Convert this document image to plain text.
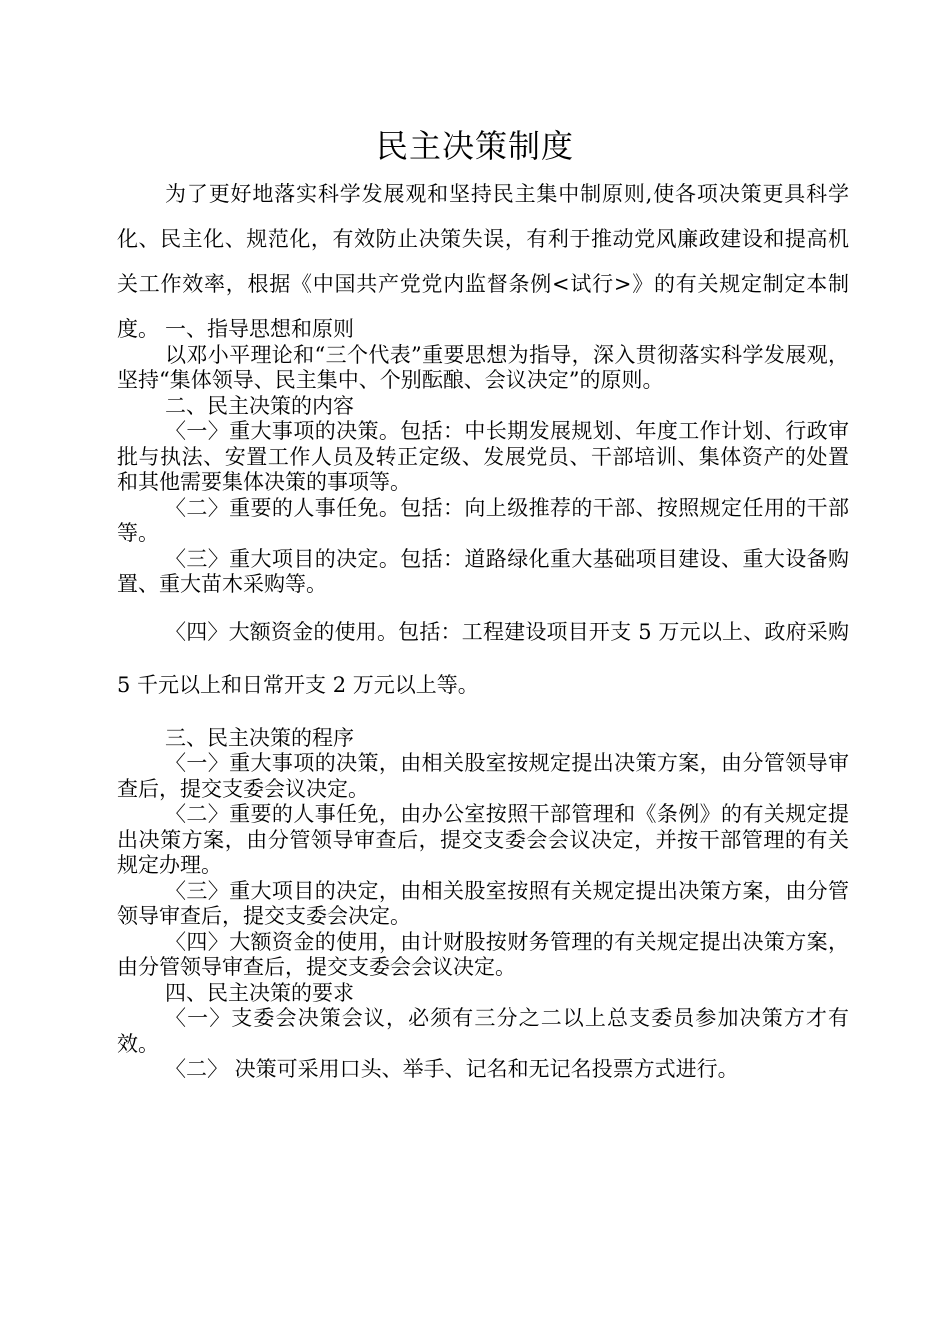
民主决策制度
为了更好地落实科学发展观和坚持民主集中制原则,使各项决策更具科学化、民主化、规范化，有效防止决策失误，有利于推动党风廉政建设和提高机关工作效率，根据《中国共产党党内监督条例<试行>》的有关规定制定本制度。 一、指导思想和原则

以邓小平理论和“三个代表”重要思想为指导，深入贯彻落实科学发展观，坚持“集体领导、民主集中、个别酝酿、会议决定”的原则。

二、民主决策的内容

〈一〉重大事项的决策。包括：中长期发展规划、年度工作计划、行政审批与执法、安置工作人员及转正定级、发展党员、干部培训、集体资产的处置和其他需要集体决策的事项等。

〈二〉重要的人事任免。包括：向上级推荐的干部、按照规定任用的干部等。

〈三〉重大项目的决定。包括：道路绿化重大基础项目建设、重大设备购置、重大苗木采购等。

〈四〉大额资金的使用。包括：工程建设项目开支 5 万元以上、政府采购 5 千元以上和日常开支 2 万元以上等。

三、民主决策的程序

〈一〉重大事项的决策，由相关股室按规定提出决策方案，由分管领导审查后，提交支委会议决定。

〈二〉重要的人事任免，由办公室按照干部管理和《条例》的有关规定提出决策方案，由分管领导审查后，提交支委会会议决定，并按干部管理的有关规定办理。

〈三〉重大项目的决定，由相关股室按照有关规定提出决策方案，由分管领导审查后，提交支委会决定。

〈四〉大额资金的使用，由计财股按财务管理的有关规定提出决策方案，由分管领导审查后，提交支委会会议决定。

四、民主决策的要求

〈一〉支委会决策会议，必须有三分之二以上总支委员参加决策方才有效。

〈二〉 决策可采用口头、举手、记名和无记名投票方式进行。
